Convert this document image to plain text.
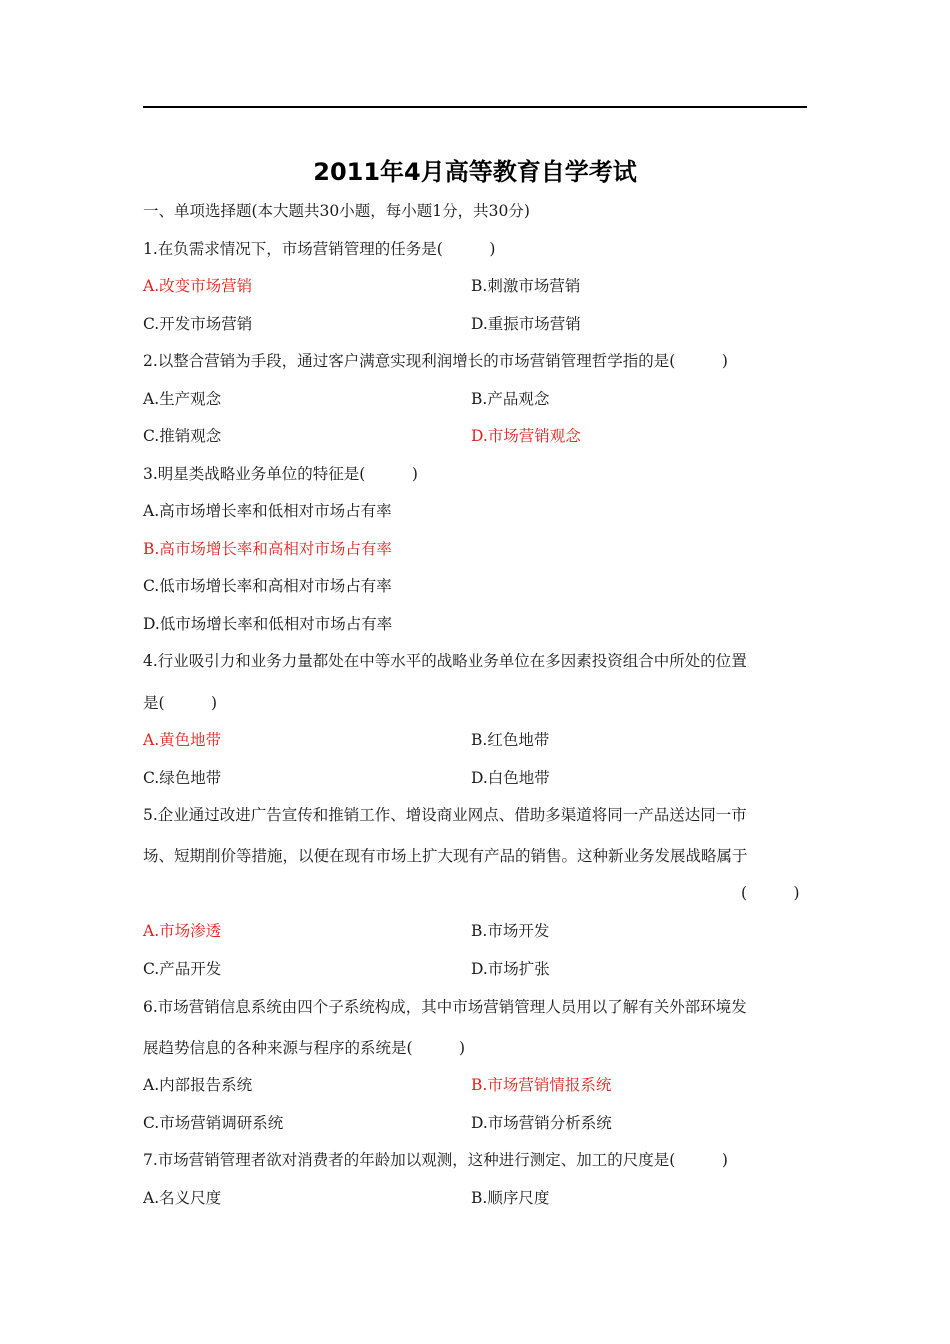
2011年4月高等教育自学考试
一、单项选择题(本大题共30小题，每小题1分，共30分)
1.在负需求情况下，市场营销管理的任务是(　　　)
A.改变市场营销	B.刺激市场营销
C.开发市场营销	D.重振市场营销
2.以整合营销为手段，通过客户满意实现利润增长的市场营销管理哲学指的是(　　　)
A.生产观念	B.产品观念
C.推销观念	D.市场营销观念
3.明星类战略业务单位的特征是(　　　)
A.高市场增长率和低相对市场占有率
B.高市场增长率和高相对市场占有率
C.低市场增长率和高相对市场占有率
D.低市场增长率和低相对市场占有率
4.行业吸引力和业务力量都处在中等水平的战略业务单位在多因素投资组合中所处的位置
是(　　　)
A.黄色地带	B.红色地带
C.绿色地带	D.白色地带
5.企业通过改进广告宣传和推销工作、增设商业网点、借助多渠道将同一产品送达同一市
场、短期削价等措施，以便在现有市场上扩大现有产品的销售。这种新业务发展战略属于
(　　　)
A.市场渗透	B.市场开发
C.产品开发	D.市场扩张
6.市场营销信息系统由四个子系统构成，其中市场营销管理人员用以了解有关外部环境发
展趋势信息的各种来源与程序的系统是(　　　)
A.内部报告系统	B.市场营销情报系统
C.市场营销调研系统	D.市场营销分析系统
7.市场营销管理者欲对消费者的年龄加以观测，这种进行测定、加工的尺度是(　　　)
A.名义尺度	B.顺序尺度
